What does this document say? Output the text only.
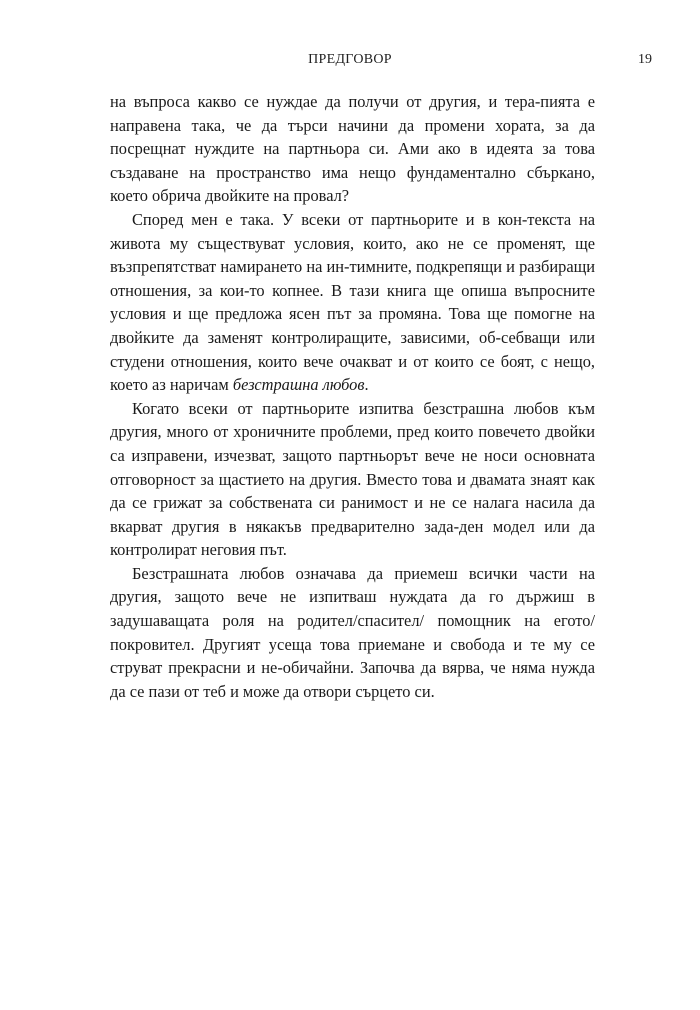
ПРЕДГОВОР	19

на въпроса какво се нуждае да получи от другия, и тера-пията е направена така, че да търси начини да промени хората, за да посрещнат нуждите на партньора си. Ами ако в идеята за това създаване на пространство има нещо фундаментално сбъркано, което обрича двойките на провал?

Според мен е така. У всеки от партньорите и в кон-текста на живота му съществуват условия, които, ако не се променят, ще възпрепятстват намирането на ин-тимните, подкрепящи и разбиращи отношения, за кои-то копнее. В тази книга ще опиша въпросните условия и ще предложа ясен път за промяна. Това ще помогне на двойките да заменят контролиращите, зависими, об-себващи или студени отношения, които вече очакват и от които се боят, с нещо, което аз наричам безстрашна любов.

Когато всеки от партньорите изпитва безстрашна любов към другия, много от хроничните проблеми, пред които повечето двойки са изправени, изчезват, защото партньорът вече не носи основната отговорност за щастието на другия. Вместо това и двамата знаят как да се грижат за собствената си ранимост и не се налага насила да вкарват другия в някакъв предварително зада-ден модел или да контролират неговия път.

Безстрашната любов означава да приемеш всички части на другия, защото вече не изпитваш нуждата да го държиш в задушаващата роля на родител/спасител/ помощник на егото/покровител. Другият усеща това приемане и свобода и те му се струват прекрасни и не-обичайни. Започва да вярва, че няма нужда да се пази от теб и може да отвори сърцето си.
